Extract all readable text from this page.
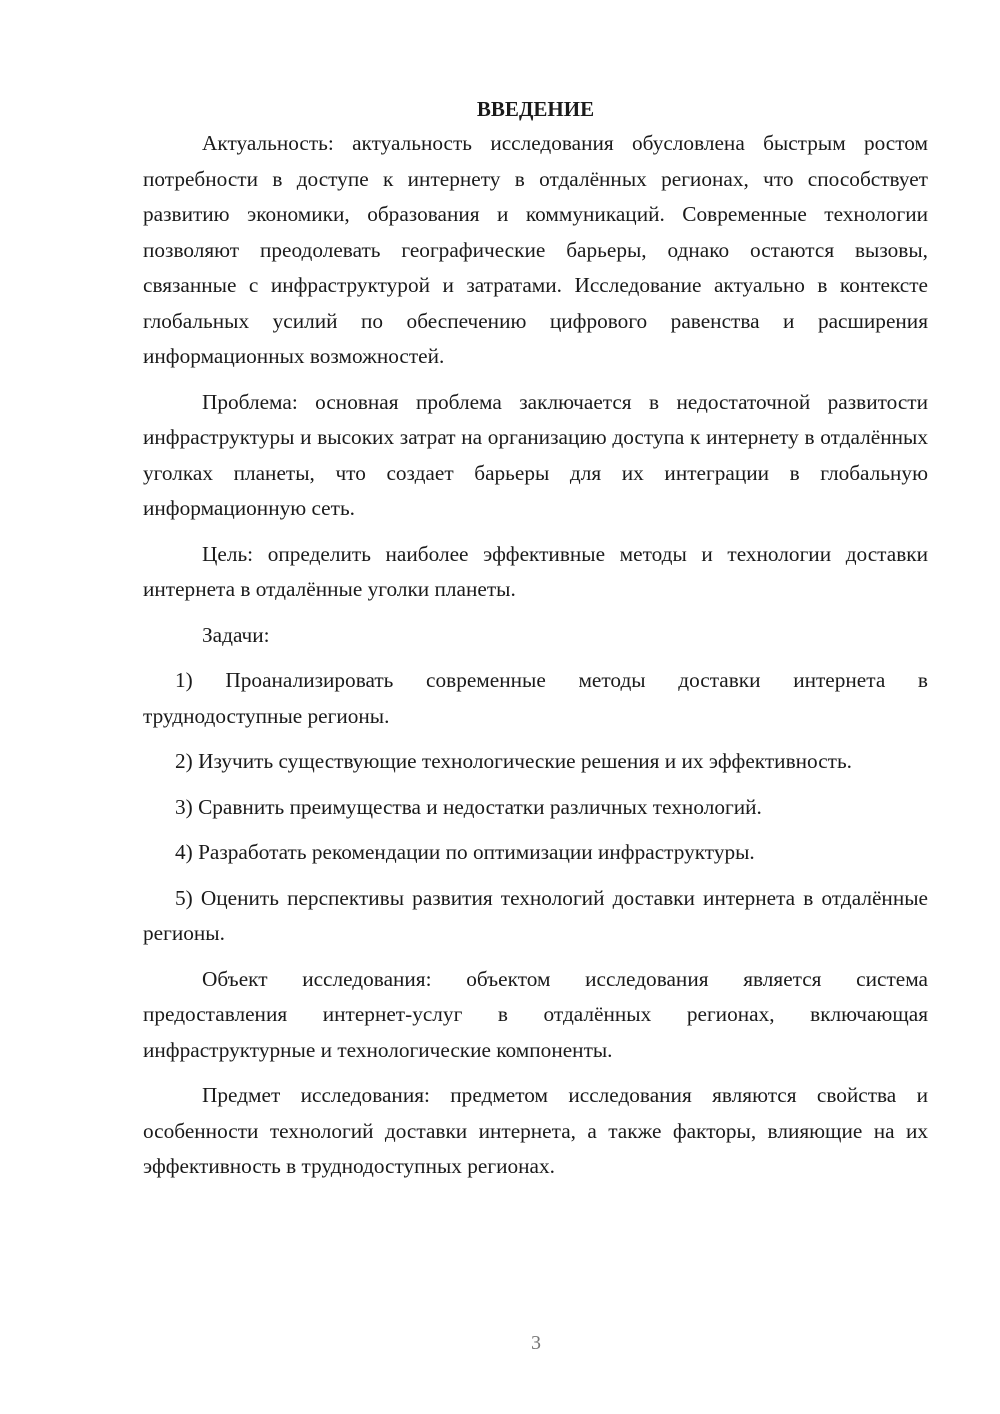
ВВЕДЕНИЕ

Актуальность: актуальность исследования обусловлена быстрым ростом потребности в доступе к интернету в отдалённых регионах, что способствует развитию экономики, образования и коммуникаций. Современные технологии позволяют преодолевать географические барьеры, однако остаются вызовы, связанные с инфраструктурой и затратами. Исследование актуально в контексте глобальных усилий по обеспечению цифрового равенства и расширения информационных возможностей.

Проблема: основная проблема заключается в недостаточной развитости инфраструктуры и высоких затрат на организацию доступа к интернету в отдалённых уголках планеты, что создает барьеры для их интеграции в глобальную информационную сеть.

Цель: определить наиболее эффективные методы и технологии доставки интернета в отдалённые уголки планеты.

Задачи:

1) Проанализировать современные методы доставки интернета в труднодоступные регионы.

2) Изучить существующие технологические решения и их эффективность.

3) Сравнить преимущества и недостатки различных технологий.

4) Разработать рекомендации по оптимизации инфраструктуры.

5) Оценить перспективы развития технологий доставки интернета в отдалённые регионы.

Объект исследования: объектом исследования является система предоставления интернет-услуг в отдалённых регионах, включающая инфраструктурные и технологические компоненты.

Предмет исследования: предметом исследования являются свойства и особенности технологий доставки интернета, а также факторы, влияющие на их эффективность в труднодоступных регионах.

3
